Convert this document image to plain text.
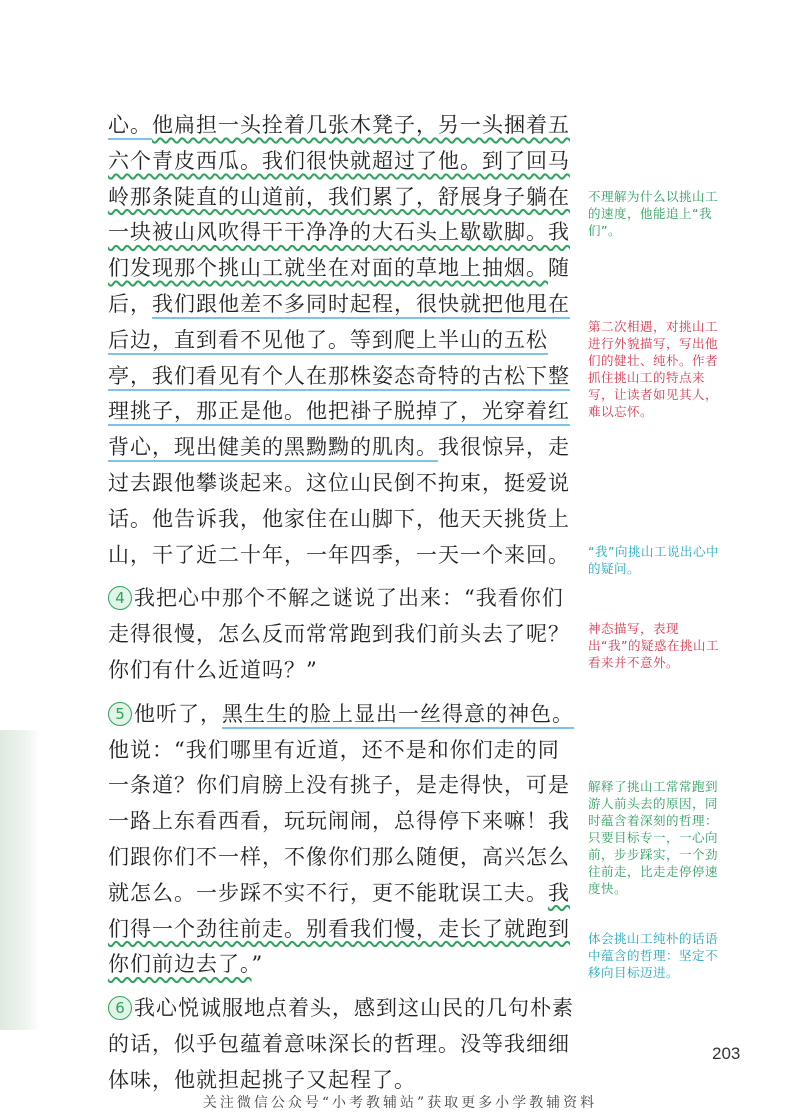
心。他扁担一头拴着几张木凳子，另一头捆着五六个青皮西瓜。我们很快就超过了他。到了回马岭那条陡直的山道前，我们累了，舒展身子躺在一块被山风吹得干干净净的大石头上歇歇脚。我们发现那个挑山工就坐在对面的草地上抽烟。随后，我们跟他差不多同时起程，很快就把他甩在后边，直到看不见他了。等到爬上半山的五松亭，我们看见有个人在那株姿态奇特的古松下整理挑子，那正是他。他把褂子脱掉了，光穿着红背心，现出健美的黑黝黝的肌肉。我很惊异，走过去跟他攀谈起来。这位山民倒不拘束，挺爱说话。他告诉我，他家住在山脚下，他天天挑货上山，干了近二十年，一年四季，一天一个来回。

4 我把心中那个不解之谜说了出来：“我看你们走得很慢，怎么反而常常跑到我们前头去了呢？你们有什么近道吗？”

5 他听了，黑生生的脸上显出一丝得意的神色。他说：“我们哪里有近道，还不是和你们走的同一条道？你们肩膀上没有挑子，是走得快，可是一路上东看西看，玩玩闹闹，总得停下来嘛！我们跟你们不一样，不像你们那么随便，高兴怎么就怎么。一步踩不实不行，更不能耽误工夫。我们得一个劲往前走。别看我们慢，走长了就跑到你们前边去了。”

6 我心悦诚服地点着头，感到这山民的几句朴素的话，似乎包蕴着意味深长的哲理。没等我细细体味，他就担起挑子又起程了。

不理解为什么以挑山工的速度，他能追上“我们”。

第二次相遇，对挑山工进行外貌描写，写出他们的健壮、纯朴。作者抓住挑山工的特点来写，让读者如见其人，难以忘怀。

“我”向挑山工说出心中的疑问。

神态描写，表现出“我”的疑惑在挑山工看来并不意外。

解释了挑山工常常跑到游人前头去的原因，同时蕴含着深刻的哲理：只要目标专一，一心向前，步步踩实，一个劲往前走，比走走停停速度快。

体会挑山工纯朴的话语中蕴含的哲理：坚定不移向目标迈进。

203
关注微信公众号“小考教辅站”获取更多小学教辅资料
